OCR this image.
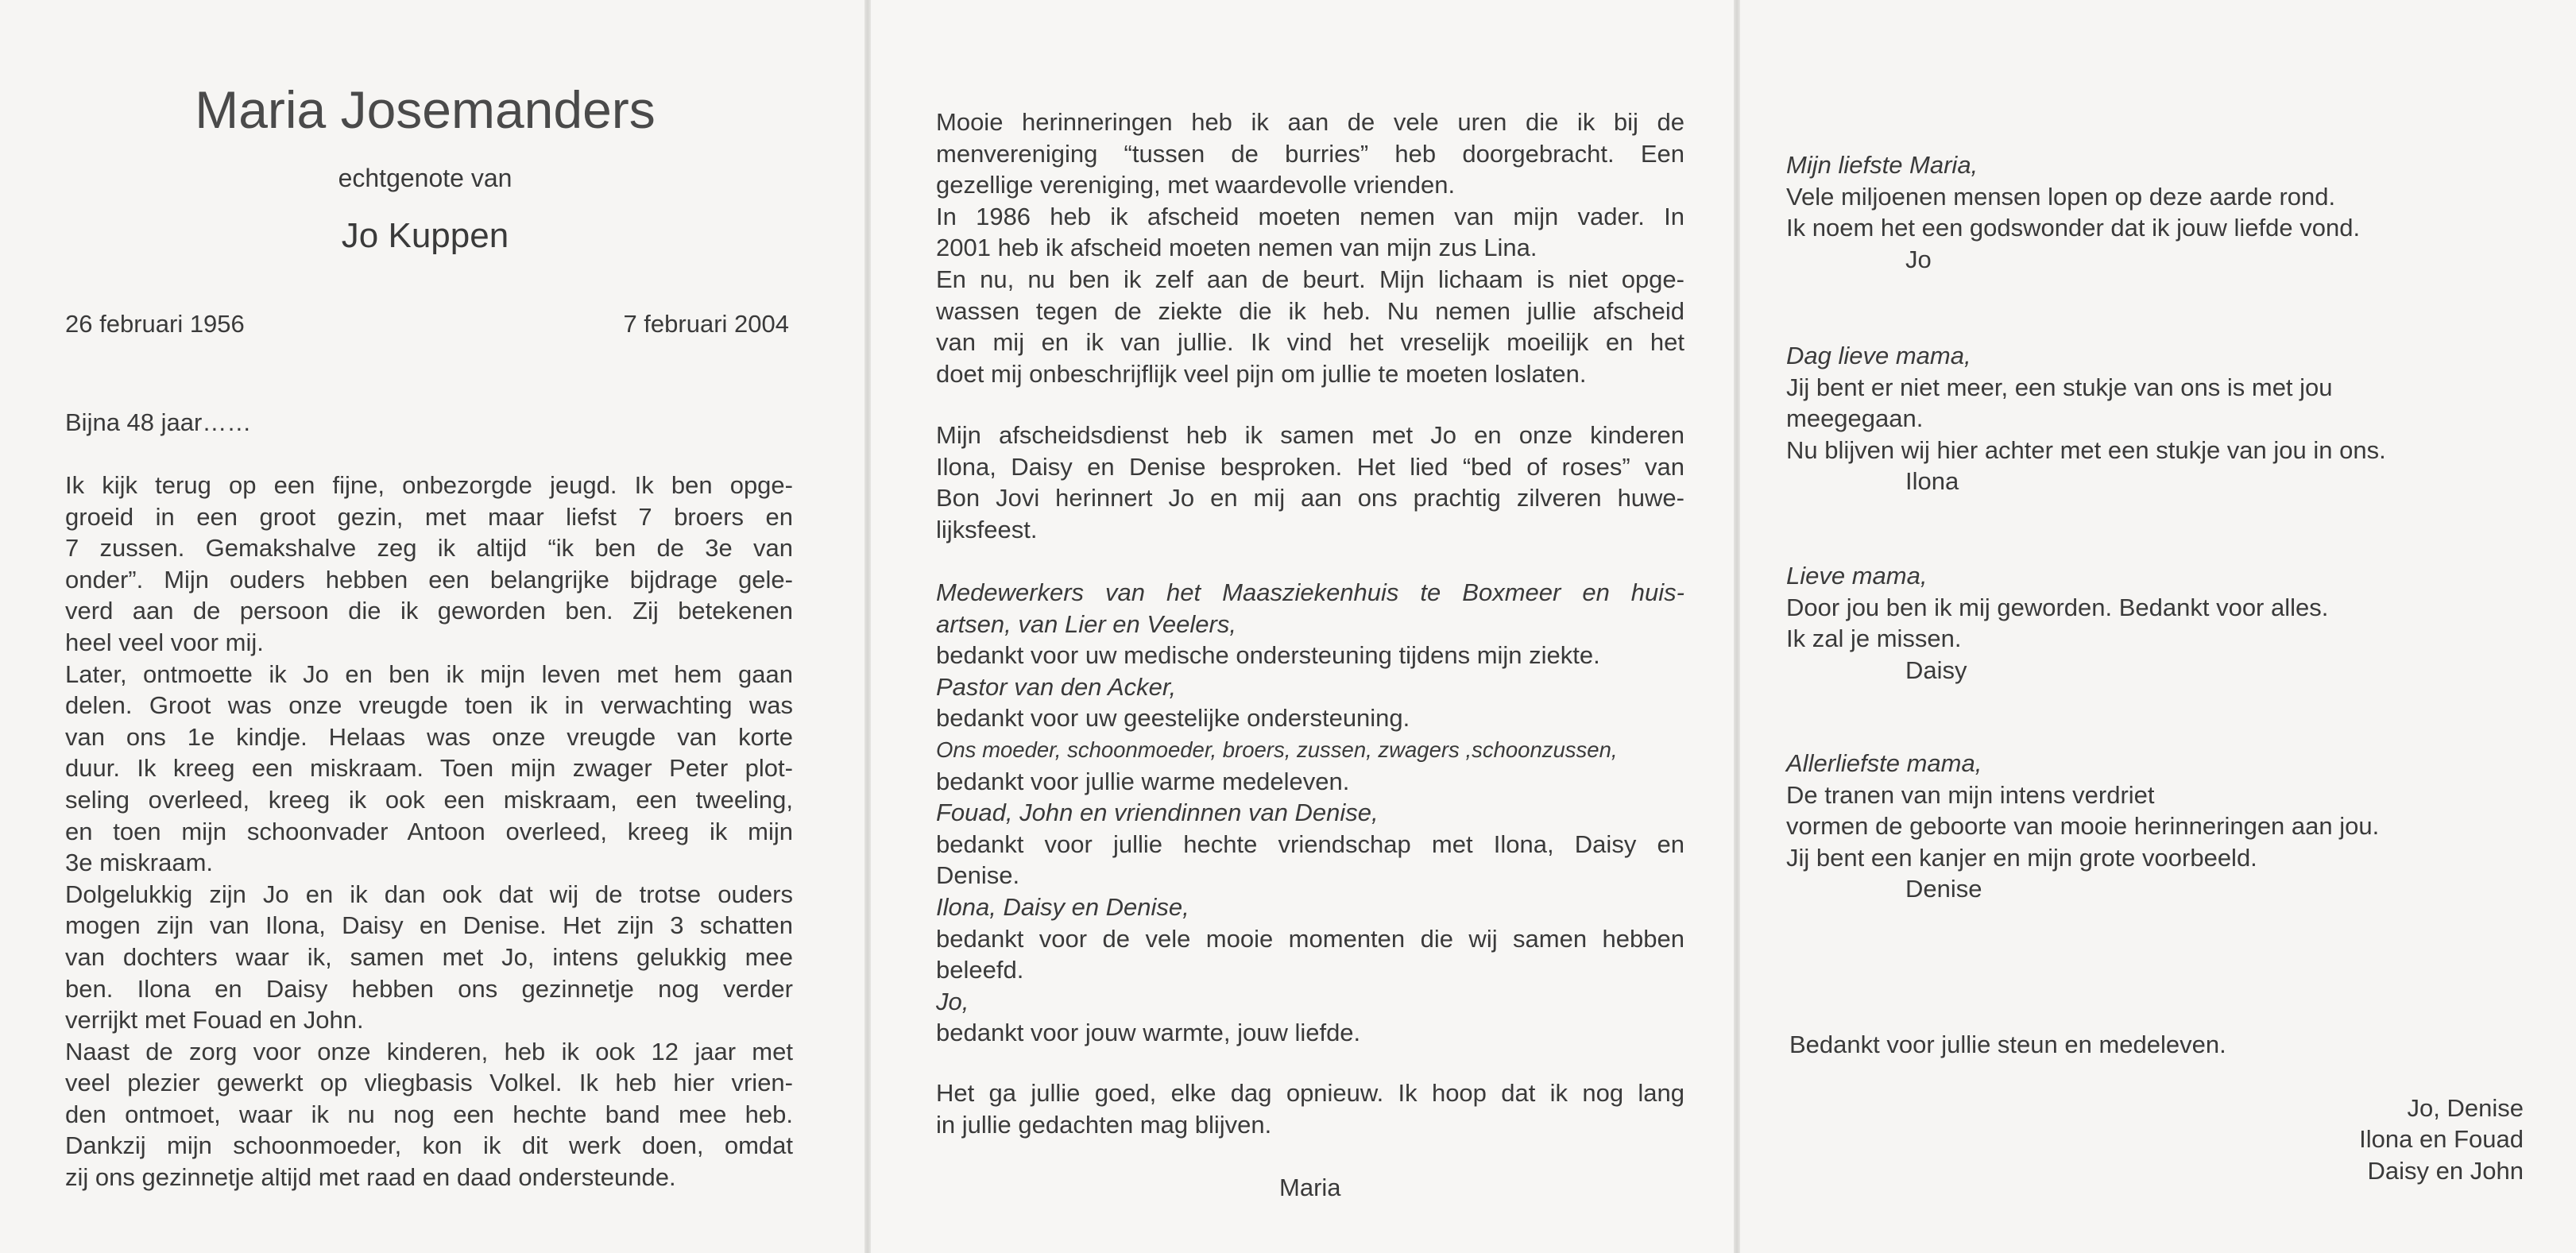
Maria Josemanders
echtgenote van
Jo Kuppen
26 februari 1956	7 februari 2004
Bijna 48 jaar……
Ik kijk terug op een fijne, onbezorgde jeugd. Ik ben opge-
groeid in een groot gezin, met maar liefst 7 broers en
7 zussen. Gemakshalve zeg ik altijd “ik ben de 3e van
onder”. Mijn ouders hebben een belangrijke bijdrage gele-
verd aan de persoon die ik geworden ben. Zij betekenen
heel veel voor mij.
Later, ontmoette ik Jo en ben ik mijn leven met hem gaan
delen. Groot was onze vreugde toen ik in verwachting was
van ons 1e kindje. Helaas was onze vreugde van korte
duur. Ik kreeg een miskraam. Toen mijn zwager Peter plot-
seling overleed, kreeg ik ook een miskraam, een tweeling,
en toen mijn schoonvader Antoon overleed, kreeg ik mijn
3e miskraam.
Dolgelukkig zijn Jo en ik dan ook dat wij de trotse ouders
mogen zijn van Ilona, Daisy en Denise. Het zijn 3 schatten
van dochters waar ik, samen met Jo, intens gelukkig mee
ben. Ilona en Daisy hebben ons gezinnetje nog verder
verrijkt met Fouad en John.
Naast de zorg voor onze kinderen, heb ik ook 12 jaar met
veel plezier gewerkt op vliegbasis Volkel. Ik heb hier vrien-
den ontmoet, waar ik nu nog een hechte band mee heb.
Dankzij mijn schoonmoeder, kon ik dit werk doen, omdat
zij ons gezinnetje altijd met raad en daad ondersteunde.
Mooie herinneringen heb ik aan de vele uren die ik bij de
menvereniging “tussen de burries” heb doorgebracht. Een
gezellige vereniging, met waardevolle vrienden.
In 1986 heb ik afscheid moeten nemen van mijn vader. In
2001 heb ik afscheid moeten nemen van mijn zus Lina.
En nu, nu ben ik zelf aan de beurt. Mijn lichaam is niet opge-
wassen tegen de ziekte die ik heb. Nu nemen jullie afscheid
van mij en ik van jullie. Ik vind het vreselijk moeilijk en het
doet mij onbeschrijflijk veel pijn om jullie te moeten loslaten.
Mijn afscheidsdienst heb ik samen met Jo en onze kinderen
Ilona, Daisy en Denise besproken. Het lied “bed of roses” van
Bon Jovi herinnert Jo en mij aan ons prachtig zilveren huwe-
lijksfeest.
Medewerkers van het Maasziekenhuis te Boxmeer en huis-
artsen, van Lier en Veelers,
bedankt voor uw medische ondersteuning tijdens mijn ziekte.
Pastor van den Acker,
bedankt voor uw geestelijke ondersteuning.
Ons moeder, schoonmoeder, broers, zussen, zwagers ,schoonzussen,
bedankt voor jullie warme medeleven.
Fouad, John en vriendinnen van Denise,
bedankt voor jullie hechte vriendschap met Ilona, Daisy en
Denise.
Ilona, Daisy en Denise,
bedankt voor de vele mooie momenten die wij samen hebben
beleefd.
Jo,
bedankt voor jouw warmte, jouw liefde.
Het ga jullie goed, elke dag opnieuw. Ik hoop dat ik nog lang
in jullie gedachten mag blijven.
Maria
Mijn liefste Maria,
Vele miljoenen mensen lopen op deze aarde rond.
Ik noem het een godswonder dat ik jouw liefde vond.
Jo
Dag lieve mama,
Jij bent er niet meer, een stukje van ons is met jou
meegegaan.
Nu blijven wij hier achter met een stukje van jou in ons.
Ilona
Lieve mama,
Door jou ben ik mij geworden. Bedankt voor alles.
Ik zal je missen.
Daisy
Allerliefste mama,
De tranen van mijn intens verdriet
vormen de geboorte van mooie herinneringen aan jou.
Jij bent een kanjer en mijn grote voorbeeld.
Denise
Bedankt voor jullie steun en medeleven.
Jo, Denise
Ilona en Fouad
Daisy en John
